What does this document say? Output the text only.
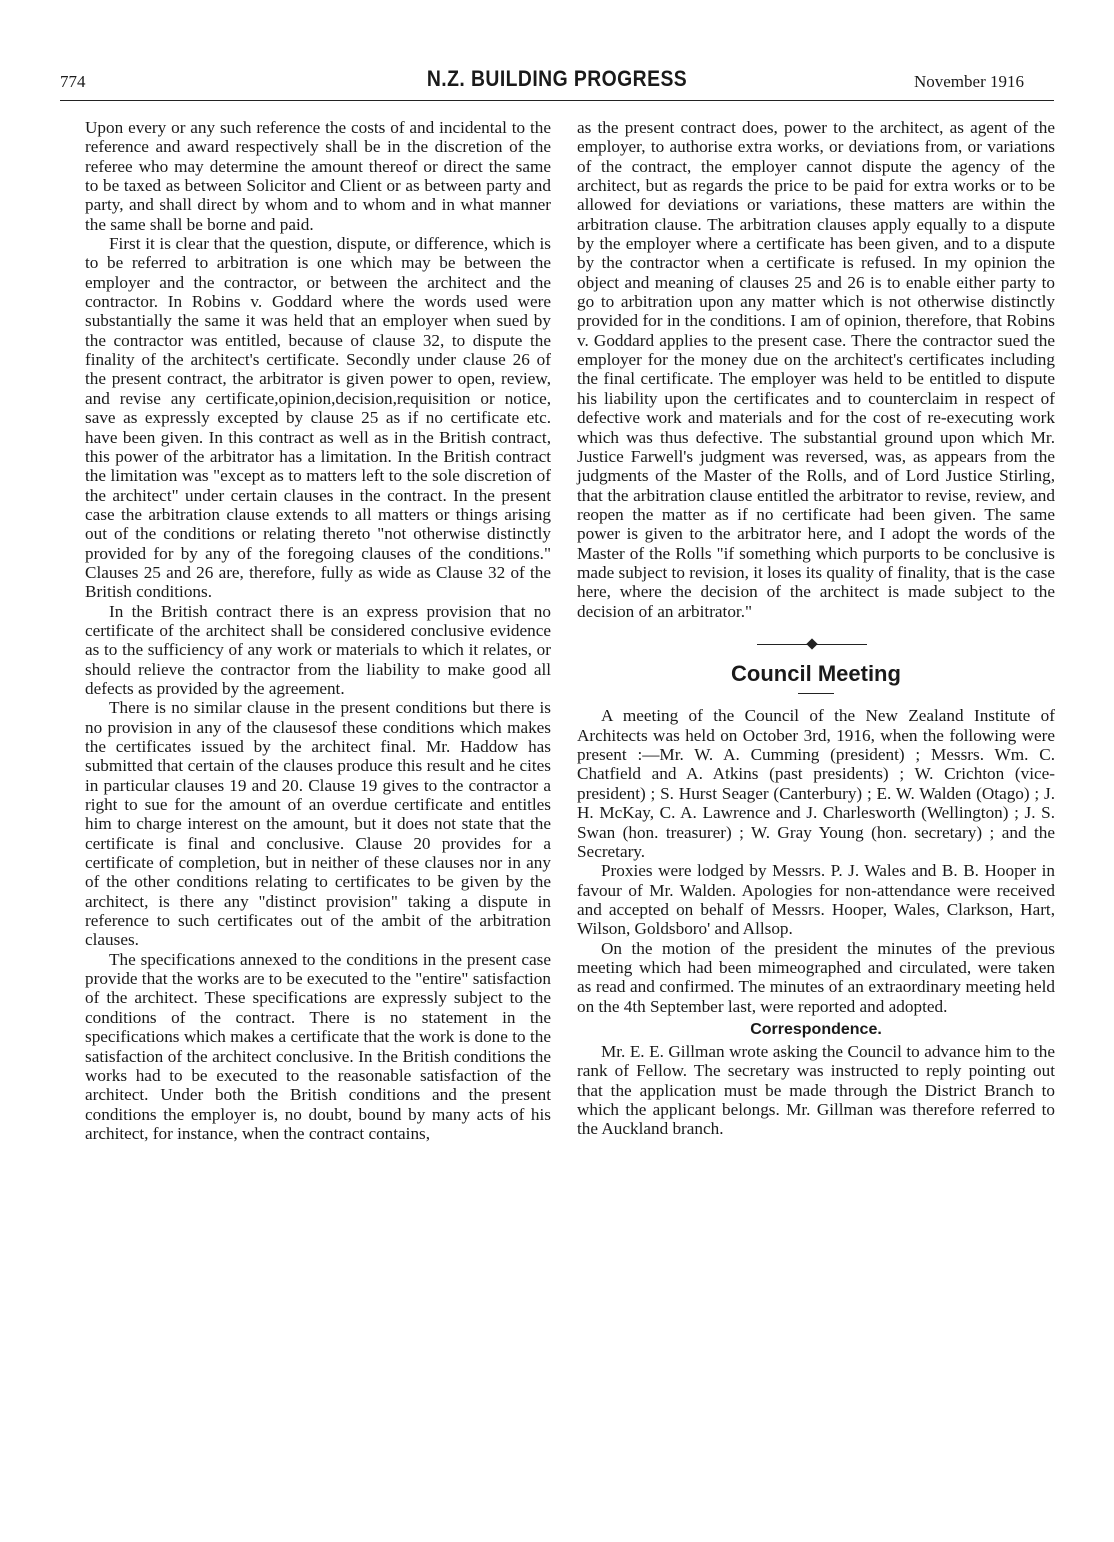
774	N.Z. BUILDING PROGRESS	November 1916

Upon every or any such reference the costs of and incidental to the reference and award respectively shall be in the discretion of the referee who may determine the amount thereof or direct the same to be taxed as between Solicitor and Client or as between party and party, and shall direct by whom and to whom and in what manner the same shall be borne and paid.

First it is clear that the question, dispute, or difference, which is to be referred to arbitration is one which may be between the employer and the contractor, or between the architect and the contractor. In Robins v. Goddard where the words used were substantially the same it was held that an employer when sued by the contractor was entitled, because of clause 32, to dispute the finality of the architect's certificate. Secondly under clause 26 of the present contract, the arbitrator is given power to open, review, and revise any certificate,opinion,decision,requisition or notice, save as expressly excepted by clause 25 as if no certificate etc. have been given. In this contract as well as in the British contract, this power of the arbitrator has a limitation. In the British contract the limitation was "except as to matters left to the sole discretion of the architect" under certain clauses in the contract. In the present case the arbitration clause extends to all matters or things arising out of the conditions or relating thereto "not otherwise distinctly provided for by any of the foregoing clauses of the conditions." Clauses 25 and 26 are, therefore, fully as wide as Clause 32 of the British conditions.

In the British contract there is an express provision that no certificate of the architect shall be considered conclusive evidence as to the sufficiency of any work or materials to which it relates, or should relieve the contractor from the liability to make good all defects as provided by the agreement.

There is no similar clause in the present conditions but there is no provision in any of the clausesof these conditions which makes the certificates issued by the architect final. Mr. Haddow has submitted that certain of the clauses produce this result and he cites in particular clauses 19 and 20. Clause 19 gives to the contractor a right to sue for the amount of an overdue certificate and entitles him to charge interest on the amount, but it does not state that the certificate is final and conclusive. Clause 20 provides for a certificate of completion, but in neither of these clauses nor in any of the other conditions relating to certificates to be given by the architect, is there any "distinct provision" taking a dispute in reference to such certificates out of the ambit of the arbitration clauses.

The specifications annexed to the conditions in the present case provide that the works are to be executed to the "entire" satisfaction of the architect. These specifications are expressly subject to the conditions of the contract. There is no statement in the specifications which makes a certificate that the work is done to the satisfaction of the architect conclusive. In the British conditions the works had to be executed to the reasonable satisfaction of the architect. Under both the British conditions and the present conditions the employer is, no doubt, bound by many acts of his architect, for instance, when the contract contains,

as the present contract does, power to the architect, as agent of the employer, to authorise extra works, or deviations from, or variations of the contract, the employer cannot dispute the agency of the architect, but as regards the price to be paid for extra works or to be allowed for deviations or variations, these matters are within the arbitration clause. The arbitration clauses apply equally to a dispute by the employer where a certificate has been given, and to a dispute by the contractor when a certificate is refused. In my opinion the object and meaning of clauses 25 and 26 is to enable either party to go to arbitration upon any matter which is not otherwise distinctly provided for in the conditions. I am of opinion, therefore, that Robins v. Goddard applies to the present case. There the contractor sued the employer for the money due on the architect's certificates including the final certificate. The employer was held to be entitled to dispute his liability upon the certificates and to counterclaim in respect of defective work and materials and for the cost of re-executing work which was thus defective. The substantial ground upon which Mr. Justice Farwell's judgment was reversed, was, as appears from the judgments of the Master of the Rolls, and of Lord Justice Stirling, that the arbitration clause entitled the arbitrator to revise, review, and reopen the matter as if no certificate had been given. The same power is given to the arbitrator here, and I adopt the words of the Master of the Rolls "if something which purports to be conclusive is made subject to revision, it loses its quality of finality, that is the case here, where the decision of the architect is made subject to the decision of an arbitrator."

Council Meeting

A meeting of the Council of the New Zealand Institute of Architects was held on October 3rd, 1916, when the following were present :—Mr. W. A. Cumming (president) ; Messrs. Wm. C. Chatfield and A. Atkins (past presidents) ; W. Crichton (vice-president) ; S. Hurst Seager (Canterbury) ; E. W. Walden (Otago) ; J. H. McKay, C. A. Lawrence and J. Charlesworth (Wellington) ; J. S. Swan (hon. treasurer) ; W. Gray Young (hon. secretary) ; and the Secretary.

Proxies were lodged by Messrs. P. J. Wales and B. B. Hooper in favour of Mr. Walden. Apologies for non-attendance were received and accepted on behalf of Messrs. Hooper, Wales, Clarkson, Hart, Wilson, Goldsboro' and Allsop.

On the motion of the president the minutes of the previous meeting which had been mimeographed and circulated, were taken as read and confirmed. The minutes of an extraordinary meeting held on the 4th September last, were reported and adopted.

Correspondence.

Mr. E. E. Gillman wrote asking the Council to advance him to the rank of Fellow. The secretary was instructed to reply pointing out that the application must be made through the District Branch to which the applicant belongs. Mr. Gillman was therefore referred to the Auckland branch.
